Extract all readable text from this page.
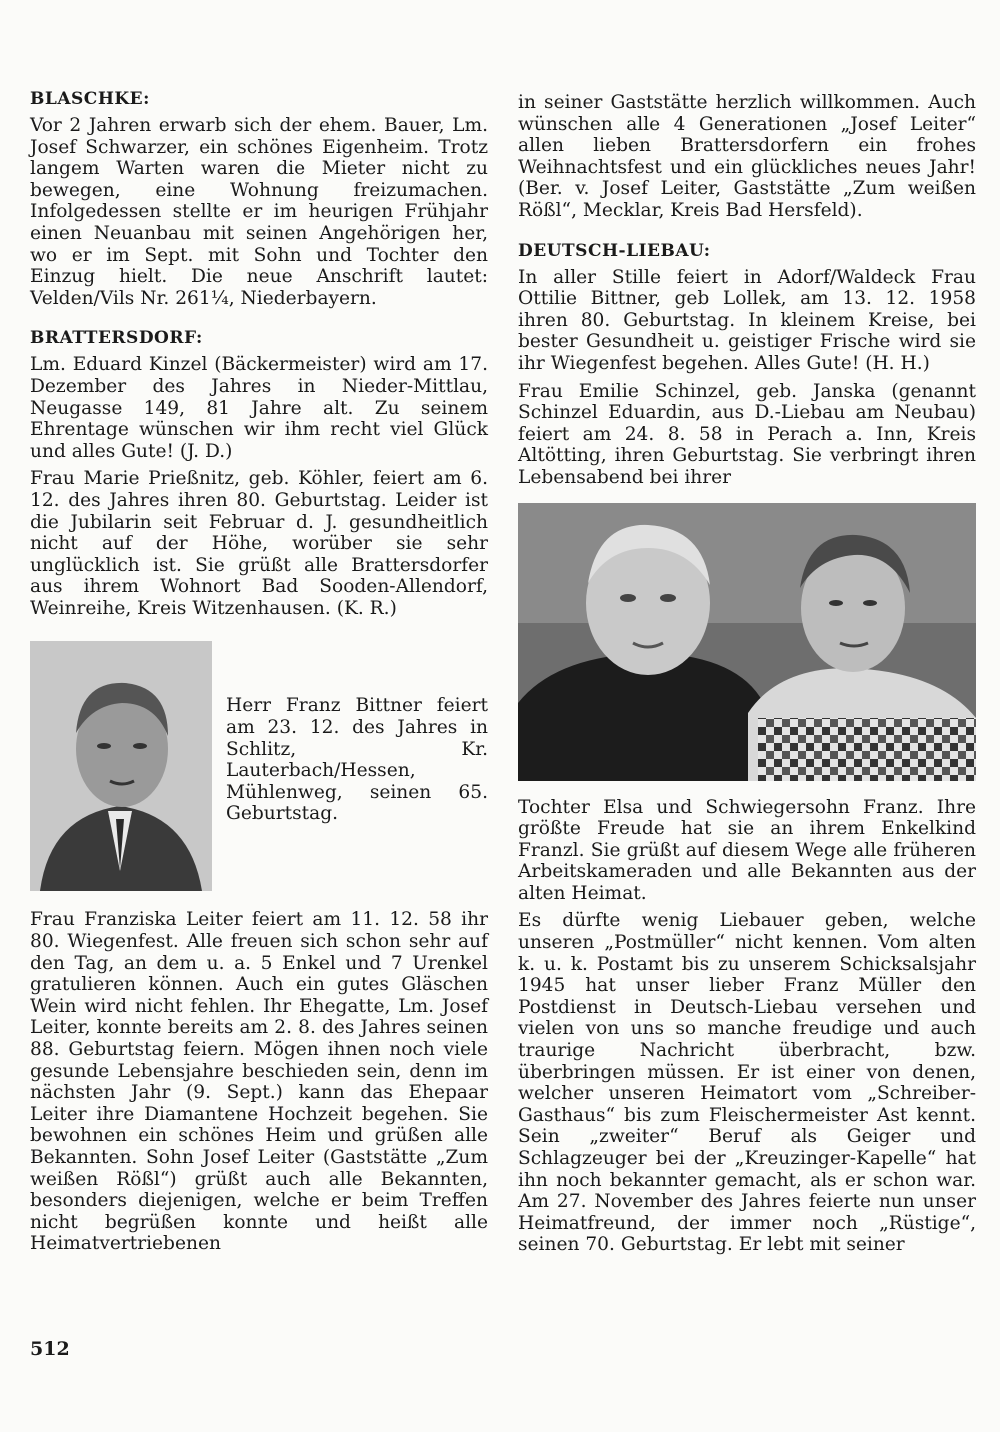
BLASCHKE:

Vor 2 Jahren erwarb sich der ehem. Bauer, Lm. Josef Schwarzer, ein schönes Eigenheim. Trotz langem Warten waren die Mieter nicht zu bewegen, eine Wohnung freizumachen. Infolgedessen stellte er im heurigen Frühjahr einen Neuanbau mit seinen Angehörigen her, wo er im Sept. mit Sohn und Tochter den Einzug hielt. Die neue Anschrift lautet: Velden/Vils Nr. 261¼, Niederbayern.

BRATTERSDORF:

Lm. Eduard Kinzel (Bäckermeister) wird am 17. Dezember des Jahres in Nieder-Mittlau, Neugasse 149, 81 Jahre alt. Zu seinem Ehrentage wünschen wir ihm recht viel Glück und alles Gute! (J. D.)

Frau Marie Prießnitz, geb. Köhler, feiert am 6. 12. des Jahres ihren 80. Geburtstag. Leider ist die Jubilarin seit Februar d. J. gesundheitlich nicht auf der Höhe, worüber sie sehr unglücklich ist. Sie grüßt alle Brattersdorfer aus ihrem Wohnort Bad Sooden-Allendorf, Weinreihe, Kreis Witzenhausen. (K. R.)

Herr Franz Bittner feiert am 23. 12. des Jahres in Schlitz, Kr. Lauterbach/Hessen, Mühlenweg, seinen 65. Geburtstag.

Frau Franziska Leiter feiert am 11. 12. 58 ihr 80. Wiegenfest. Alle freuen sich schon sehr auf den Tag, an dem u. a. 5 Enkel und 7 Urenkel gratulieren können. Auch ein gutes Gläschen Wein wird nicht fehlen. Ihr Ehegatte, Lm. Josef Leiter, konnte bereits am 2. 8. des Jahres seinen 88. Geburtstag feiern. Mögen ihnen noch viele gesunde Lebensjahre beschieden sein, denn im nächsten Jahr (9. Sept.) kann das Ehepaar Leiter ihre Diamantene Hochzeit begehen. Sie bewohnen ein schönes Heim und grüßen alle Bekannten. Sohn Josef Leiter (Gaststätte „Zum weißen Rößl“) grüßt auch alle Bekannten, besonders diejenigen, welche er beim Treffen nicht begrüßen konnte und heißt alle Heimatvertriebenen

in seiner Gaststätte herzlich willkommen. Auch wünschen alle 4 Generationen „Josef Leiter“ allen lieben Brattersdorfern ein frohes Weihnachtsfest und ein glückliches neues Jahr! (Ber. v. Josef Leiter, Gaststätte „Zum weißen Rößl“, Mecklar, Kreis Bad Hersfeld).

DEUTSCH-LIEBAU:

In aller Stille feiert in Adorf/Waldeck Frau Ottilie Bittner, geb Lollek, am 13. 12. 1958 ihren 80. Geburtstag. In kleinem Kreise, bei bester Gesundheit u. geistiger Frische wird sie ihr Wiegenfest begehen. Alles Gute! (H. H.)

Frau Emilie Schinzel, geb. Janska (genannt Schinzel Eduardin, aus D.-Liebau am Neubau) feiert am 24. 8. 58 in Perach a. Inn, Kreis Altötting, ihren Geburtstag. Sie verbringt ihren Lebensabend bei ihrer

Tochter Elsa und Schwiegersohn Franz. Ihre größte Freude hat sie an ihrem Enkelkind Franzl. Sie grüßt auf diesem Wege alle früheren Arbeitskameraden und alle Bekannten aus der alten Heimat.

Es dürfte wenig Liebauer geben, welche unseren „Postmüller“ nicht kennen. Vom alten k. u. k. Postamt bis zu unserem Schicksalsjahr 1945 hat unser lieber Franz Müller den Postdienst in Deutsch-Liebau versehen und vielen von uns so manche freudige und auch traurige Nachricht überbracht, bzw. überbringen müssen. Er ist einer von denen, welcher unseren Heimatort vom „Schreiber-Gasthaus“ bis zum Fleischermeister Ast kennt. Sein „zweiter“ Beruf als Geiger und Schlagzeuger bei der „Kreuzinger-Kapelle“ hat ihn noch bekannter gemacht, als er schon war. Am 27. November des Jahres feierte nun unser Heimatfreund, der immer noch „Rüstige“, seinen 70. Geburtstag. Er lebt mit seiner

512
